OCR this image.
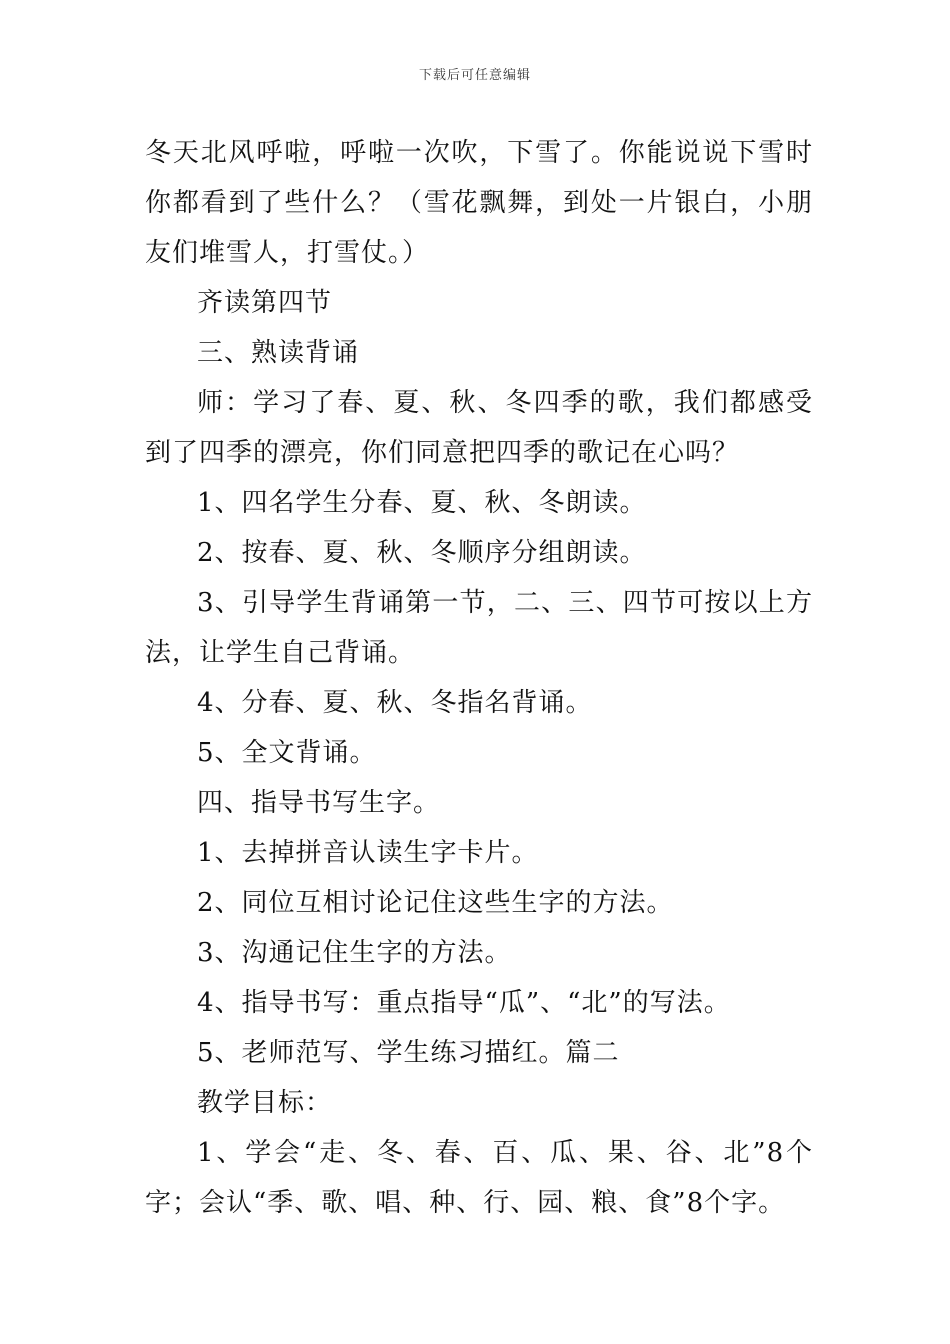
下载后可任意编辑

冬天北风呼啦，呼啦一次吹，下雪了。你能说说下雪时你都看到了些什么？（雪花飘舞，到处一片银白，小朋友们堆雪人，打雪仗。）

齐读第四节

三、熟读背诵

师：学习了春、夏、秋、冬四季的歌，我们都感受到了四季的漂亮，你们同意把四季的歌记在心吗？

1、四名学生分春、夏、秋、冬朗读。

2、按春、夏、秋、冬顺序分组朗读。

3、引导学生背诵第一节，二、三、四节可按以上方法，让学生自己背诵。

4、分春、夏、秋、冬指名背诵。

5、全文背诵。

四、指导书写生字。

1、去掉拼音认读生字卡片。

2、同位互相讨论记住这些生字的方法。

3、沟通记住生字的方法。

4、指导书写：重点指导“瓜”、“北”的写法。

5、老师范写、学生练习描红。篇二

教学目标：

1、学会“走、冬、春、百、瓜、果、谷、北”8个字；会认“季、歌、唱、种、行、园、粮、食”8个字。
